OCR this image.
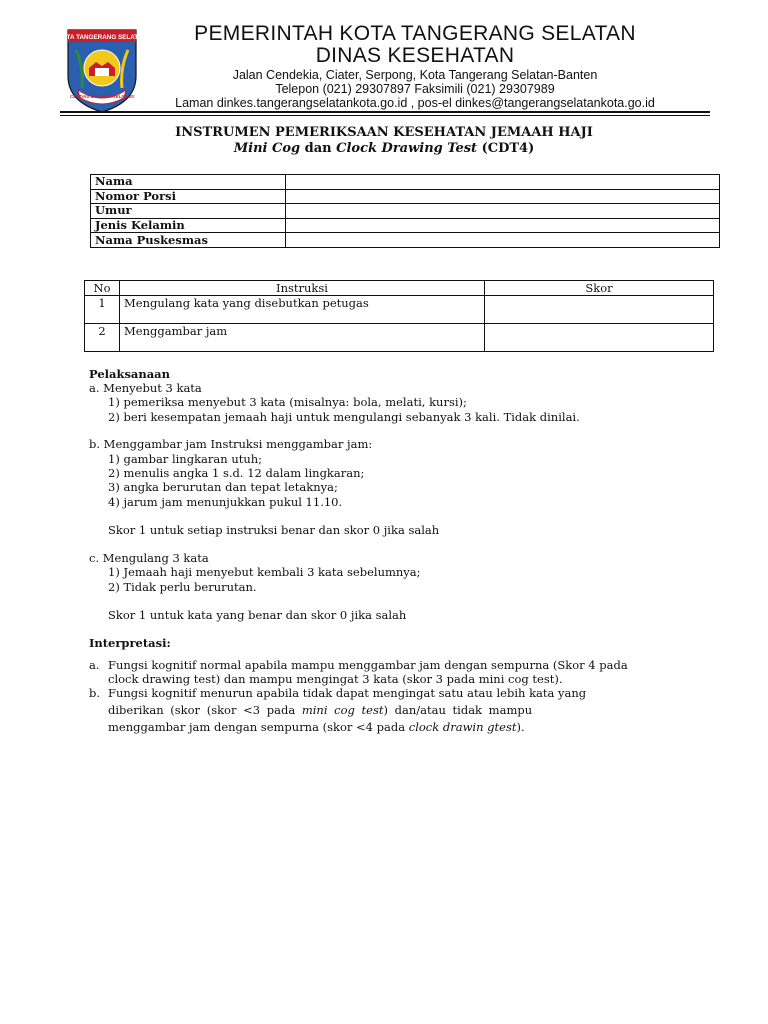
KOTA TANGERANG SELATAN
CERDAS MODERN RELIGIUS
PEMERINTAH KOTA TANGERANG SELATAN
DINAS KESEHATAN
Jalan Cendekia, Ciater, Serpong, Kota Tangerang Selatan-Banten
Telepon (021) 29307897 Faksimili (021) 29307989
Laman dinkes.tangerangselatankota.go.id , pos-el dinkes@tangerangselatankota.go.id
INSTRUMEN PEMERIKSAAN KESEHATAN JEMAAH HAJI
Mini Cog dan Clock Drawing Test (CDT4)
Nama	
Nomor Porsi	
Umur	
Jenis Kelamin	
Nama Puskesmas	
No	Instruksi	Skor
1	Mengulang kata yang disebutkan petugas	
2	Menggambar jam	
Pelaksanaan
a. Menyebut 3 kata
1) pemeriksa menyebut 3 kata (misalnya: bola, melati, kursi);
2) beri kesempatan jemaah haji untuk mengulangi sebanyak 3 kali. Tidak dinilai.
b. Menggambar jam Instruksi menggambar jam:
1) gambar lingkaran utuh;
2) menulis angka 1 s.d. 12 dalam lingkaran;
3) angka berurutan dan tepat letaknya;
4) jarum jam menunjukkan pukul 11.10.
Skor 1 untuk setiap instruksi benar dan skor 0 jika salah
c. Mengulang 3 kata
1) Jemaah haji menyebut kembali 3 kata sebelumnya;
2) Tidak perlu berurutan.
Skor 1 untuk kata yang benar dan skor 0 jika salah
Interpretasi:
a. Fungsi kognitif normal apabila mampu menggambar jam dengan sempurna (Skor 4 pada
clock drawing test) dan mampu mengingat 3 kata (skor 3 pada mini cog test).
b. Fungsi kognitif menurun apabila tidak dapat mengingat satu atau lebih kata yang
diberikan (skor (skor <3 pada mini cog test) dan/atau tidak mampu
menggambar jam dengan sempurna (skor <4 pada clock drawin gtest).
